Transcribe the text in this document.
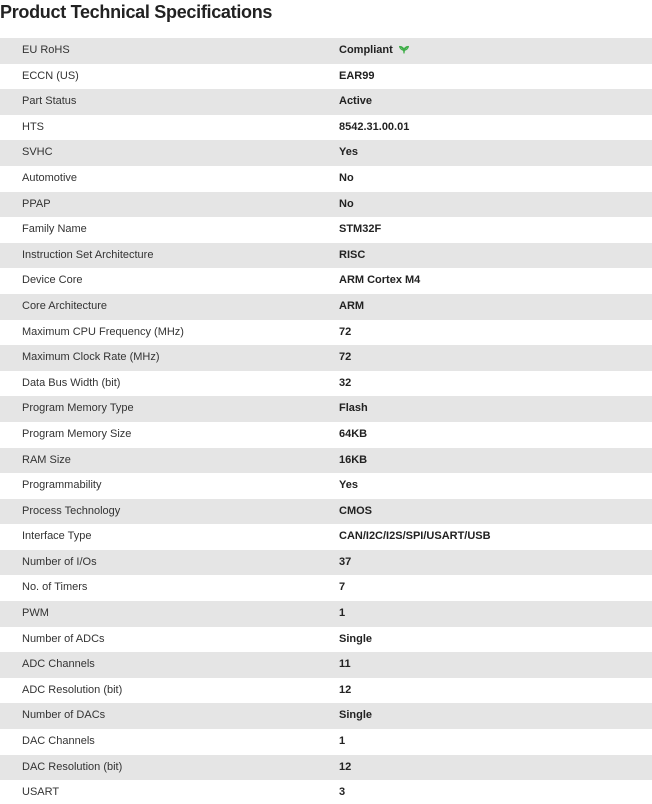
Product Technical Specifications
EU RoHS	Compliant
ECCN (US)	EAR99
Part Status	Active
HTS	8542.31.00.01
SVHC	Yes
Automotive	No
PPAP	No
Family Name	STM32F
Instruction Set Architecture	RISC
Device Core	ARM Cortex M4
Core Architecture	ARM
Maximum CPU Frequency (MHz)	72
Maximum Clock Rate (MHz)	72
Data Bus Width (bit)	32
Program Memory Type	Flash
Program Memory Size	64KB
RAM Size	16KB
Programmability	Yes
Process Technology	CMOS
Interface Type	CAN/I2C/I2S/SPI/USART/USB
Number of I/Os	37
No. of Timers	7
PWM	1
Number of ADCs	Single
ADC Channels	11
ADC Resolution (bit)	12
Number of DACs	Single
DAC Channels	1
DAC Resolution (bit)	12
USART	3
